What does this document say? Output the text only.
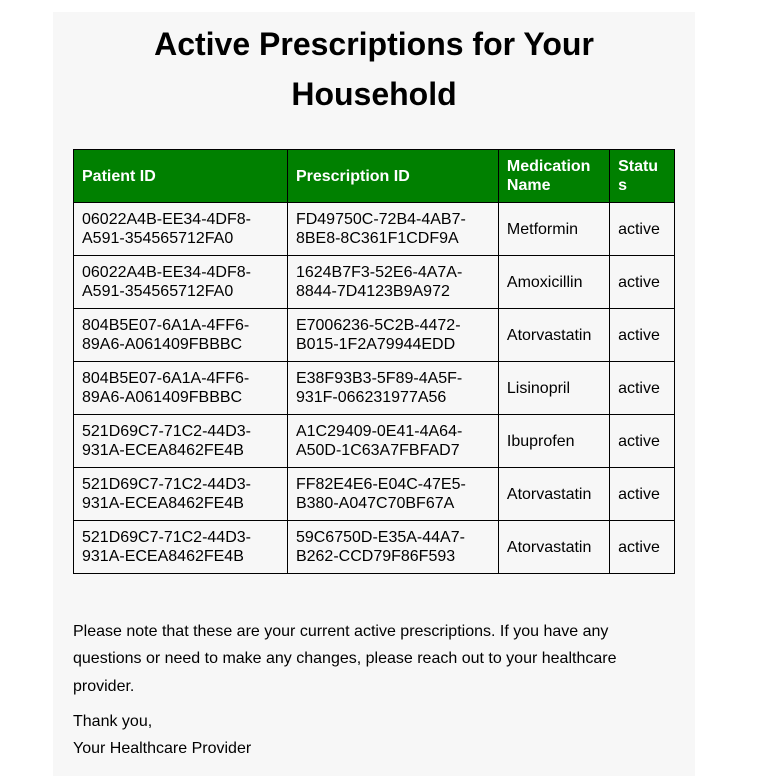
Active Prescriptions for Your Household
Patient ID	Prescription ID	Medication Name	Status
06022A4B-EE34-4DF8-A591-354565712FA0	FD49750C-72B4-4AB7-8BE8-8C361F1CDF9A	Metformin	active
06022A4B-EE34-4DF8-A591-354565712FA0	1624B7F3-52E6-4A7A-8844-7D4123B9A972	Amoxicillin	active
804B5E07-6A1A-4FF6-89A6-A061409FBBBC	E7006236-5C2B-4472-B015-1F2A79944EDD	Atorvastatin	active
804B5E07-6A1A-4FF6-89A6-A061409FBBBC	E38F93B3-5F89-4A5F-931F-066231977A56	Lisinopril	active
521D69C7-71C2-44D3-931A-ECEA8462FE4B	A1C29409-0E41-4A64-A50D-1C63A7FBFAD7	Ibuprofen	active
521D69C7-71C2-44D3-931A-ECEA8462FE4B	FF82E4E6-E04C-47E5-B380-A047C70BF67A	Atorvastatin	active
521D69C7-71C2-44D3-931A-ECEA8462FE4B	59C6750D-E35A-44A7-B262-CCD79F86F593	Atorvastatin	active

Please note that these are your current active prescriptions. If you have any questions or need to make any changes, please reach out to your healthcare provider.

Thank you,
Your Healthcare Provider
